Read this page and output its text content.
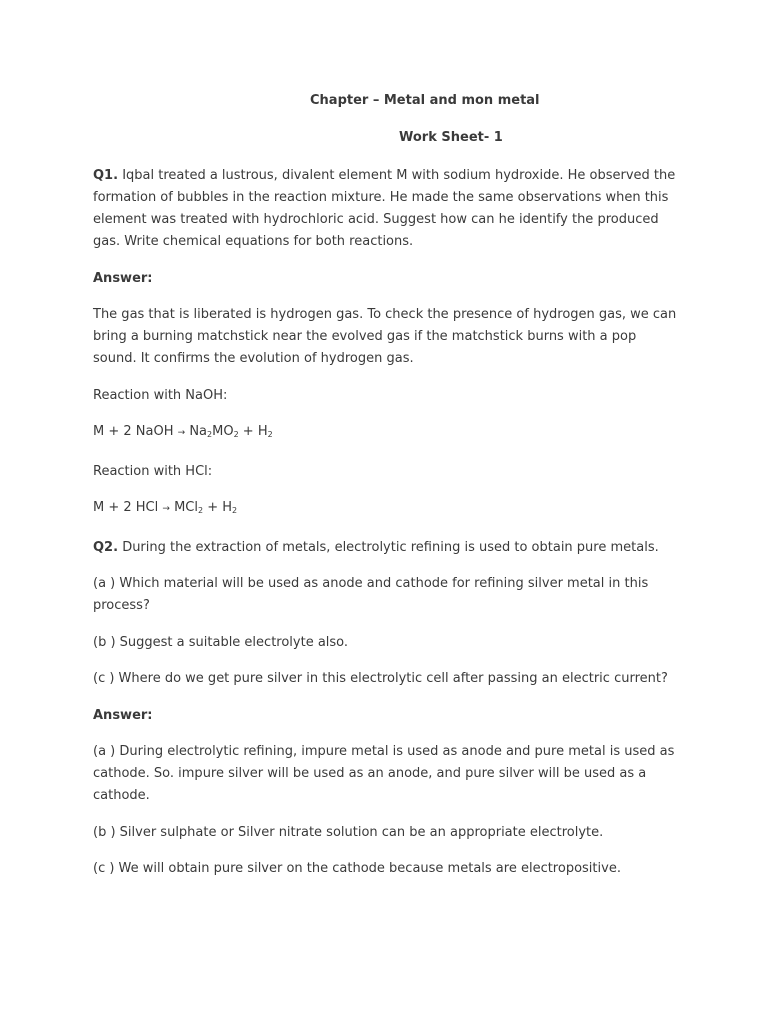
Chapter – Metal and mon metal
Work Sheet- 1

Q1. Iqbal treated a lustrous, divalent element M with sodium hydroxide. He observed the formation of bubbles in the reaction mixture. He made the same observations when this element was treated with hydrochloric acid. Suggest how can he identify the produced gas. Write chemical equations for both reactions.

Answer:

The gas that is liberated is hydrogen gas. To check the presence of hydrogen gas, we can bring a burning matchstick near the evolved gas if the matchstick burns with a pop sound. It confirms the evolution of hydrogen gas.

Reaction with NaOH:

M + 2 NaOH → $Na_2MO_2 + H_2$

Reaction with HCl:

M + 2 HCl → $MCl_2 + H_2$

Q2. During the extraction of metals, electrolytic refining is used to obtain pure metals.

(a ) Which material will be used as anode and cathode for refining silver metal in this process?

(b ) Suggest a suitable electrolyte also.

(c ) Where do we get pure silver in this electrolytic cell after passing an electric current?

Answer:

(a ) During electrolytic refining, impure metal is used as anode and pure metal is used as cathode. So. impure silver will be used as an anode, and pure silver will be used as a cathode.

(b ) Silver sulphate or Silver nitrate solution can be an appropriate electrolyte.

(c ) We will obtain pure silver on the cathode because metals are electropositive.
